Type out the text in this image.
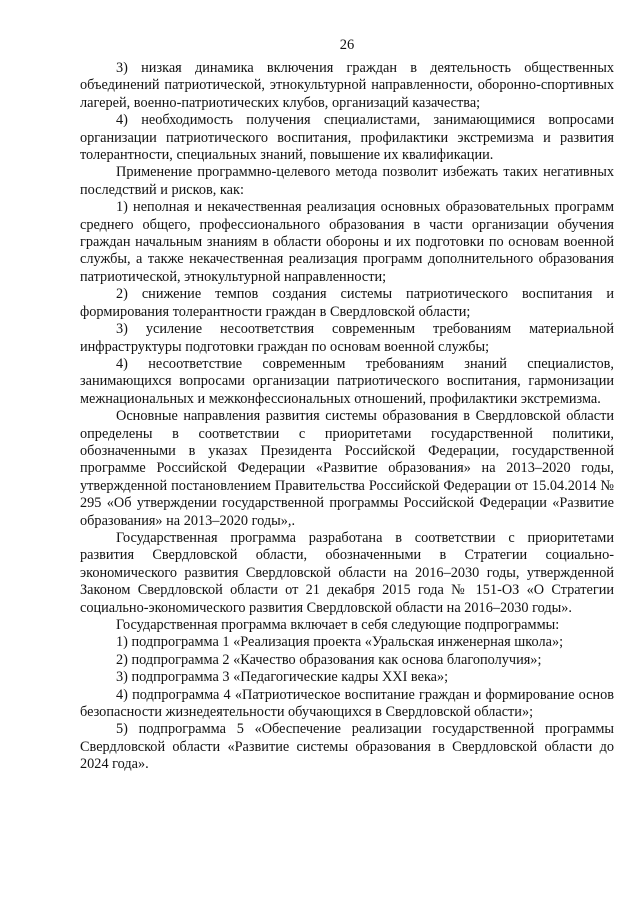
26

3) низкая динамика включения граждан в деятельность общественных объединений патриотической, этнокультурной направленности, оборонно-спортивных лагерей, военно-патриотических клубов, организаций казачества;

4) необходимость получения специалистами, занимающимися вопросами организации патриотического воспитания, профилактики экстремизма и развития толерантности, специальных знаний, повышение их квалификации.

Применение программно-целевого метода позволит избежать таких негативных последствий и рисков, как:

1) неполная и некачественная реализация основных образовательных программ среднего общего, профессионального образования в части организации обучения граждан начальным знаниям в области обороны и их подготовки по основам военной службы, а также некачественная реализация программ дополнительного образования патриотической, этнокультурной направленности;

2) снижение темпов создания системы патриотического воспитания и формирования толерантности граждан в Свердловской области;

3) усиление несоответствия современным требованиям материальной инфраструктуры подготовки граждан по основам военной службы;

4) несоответствие современным требованиям знаний специалистов, занимающихся вопросами организации патриотического воспитания, гармонизации межнациональных и межконфессиональных отношений, профилактики экстремизма.

Основные направления развития системы образования в Свердловской области определены в соответствии с приоритетами государственной политики, обозначенными в указах Президента Российской Федерации, государственной программе Российской Федерации «Развитие образования» на 2013–2020 годы, утвержденной постановлением Правительства Российской Федерации от 15.04.2014 № 295 «Об утверждении государственной программы Российской Федерации «Развитие образования» на 2013–2020 годы»,.

Государственная программа разработана в соответствии с приоритетами развития Свердловской области, обозначенными в Стратегии социально-экономического развития Свердловской области на 2016–2030 годы, утвержденной Законом Свердловской области от 21 декабря 2015 года № 151-ОЗ «О Стратегии социально-экономического развития Свердловской области на 2016–2030 годы».

Государственная программа включает в себя следующие подпрограммы:

1) подпрограмма 1 «Реализация проекта «Уральская инженерная школа»;

2) подпрограмма 2 «Качество образования как основа благополучия»;

3) подпрограмма 3 «Педагогические кадры XXI века»;

4) подпрограмма 4 «Патриотическое воспитание граждан и формирование основ безопасности жизнедеятельности обучающихся в Свердловской области»;

5) подпрограмма 5 «Обеспечение реализации государственной программы Свердловской области «Развитие системы образования в Свердловской области до 2024 года».
